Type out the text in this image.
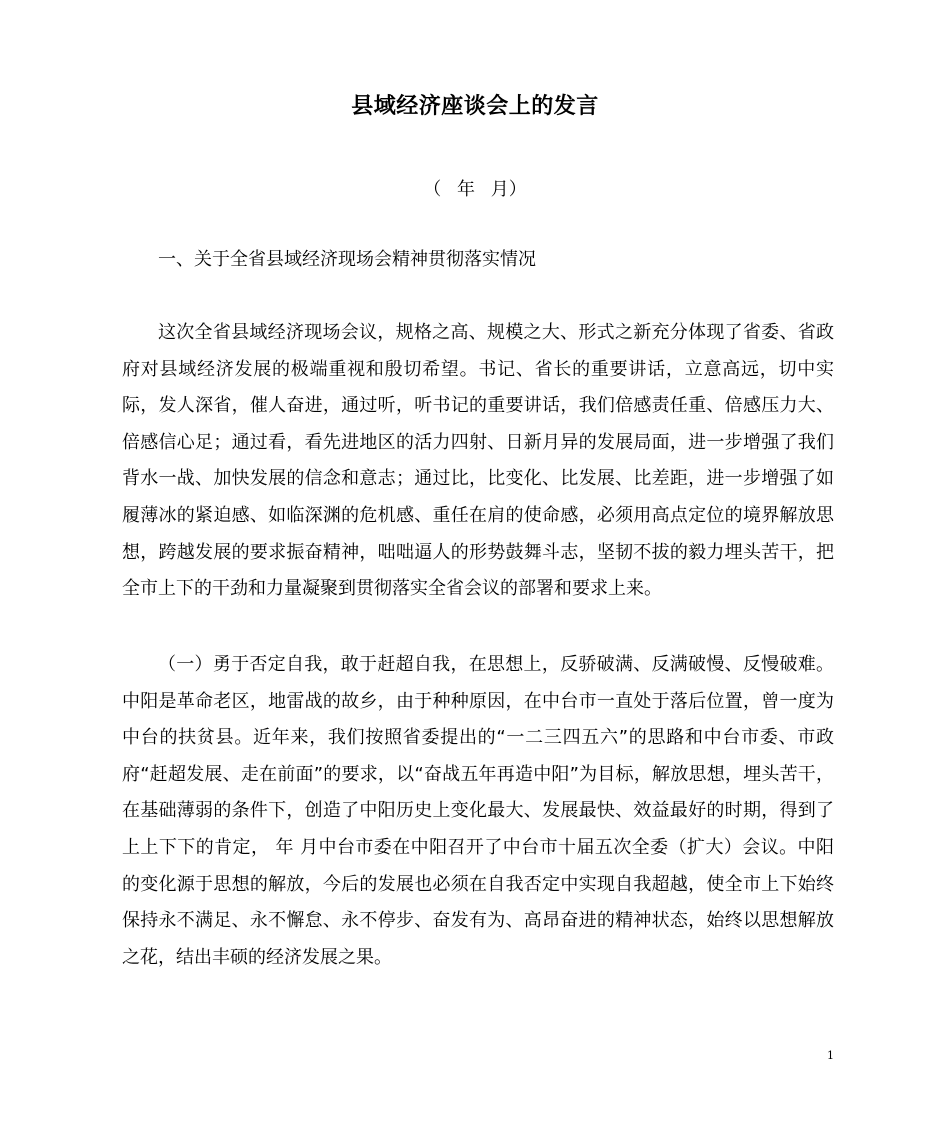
县域经济座谈会上的发言
（ 年 月）
一、关于全省县域经济现场会精神贯彻落实情况

这次全省县域经济现场会议，规格之高、规模之大、形式之新充分体现了省委、省政府对县域经济发展的极端重视和殷切希望。书记、省长的重要讲话，立意高远，切中实际，发人深省，催人奋进，通过听，听书记的重要讲话，我们倍感责任重、倍感压力大、倍感信心足；通过看，看先进地区的活力四射、日新月异的发展局面，进一步增强了我们背水一战、加快发展的信念和意志；通过比，比变化、比发展、比差距，进一步增强了如履薄冰的紧迫感、如临深渊的危机感、重任在肩的使命感，必须用高点定位的境界解放思想，跨越发展的要求振奋精神，咄咄逼人的形势鼓舞斗志，坚韧不拔的毅力埋头苦干，把全市上下的干劲和力量凝聚到贯彻落实全省会议的部署和要求上来。

（一）勇于否定自我，敢于赶超自我，在思想上，反骄破满、反满破慢、反慢破难。中阳是革命老区，地雷战的故乡，由于种种原因，在中台市一直处于落后位置，曾一度为中台的扶贫县。近年来，我们按照省委提出的“一二三四五六”的思路和中台市委、市政府“赶超发展、走在前面”的要求，以“奋战五年再造中阳”为目标，解放思想，埋头苦干，在基础薄弱的条件下，创造了中阳历史上变化最大、发展最快、效益最好的时期，得到了上上下下的肯定， 年 月中台市委在中阳召开了中台市十届五次全委（扩大）会议。中阳的变化源于思想的解放，今后的发展也必须在自我否定中实现自我超越，使全市上下始终保持永不满足、永不懈怠、永不停步、奋发有为、高昂奋进的精神状态，始终以思想解放之花，结出丰硕的经济发展之果。

1
